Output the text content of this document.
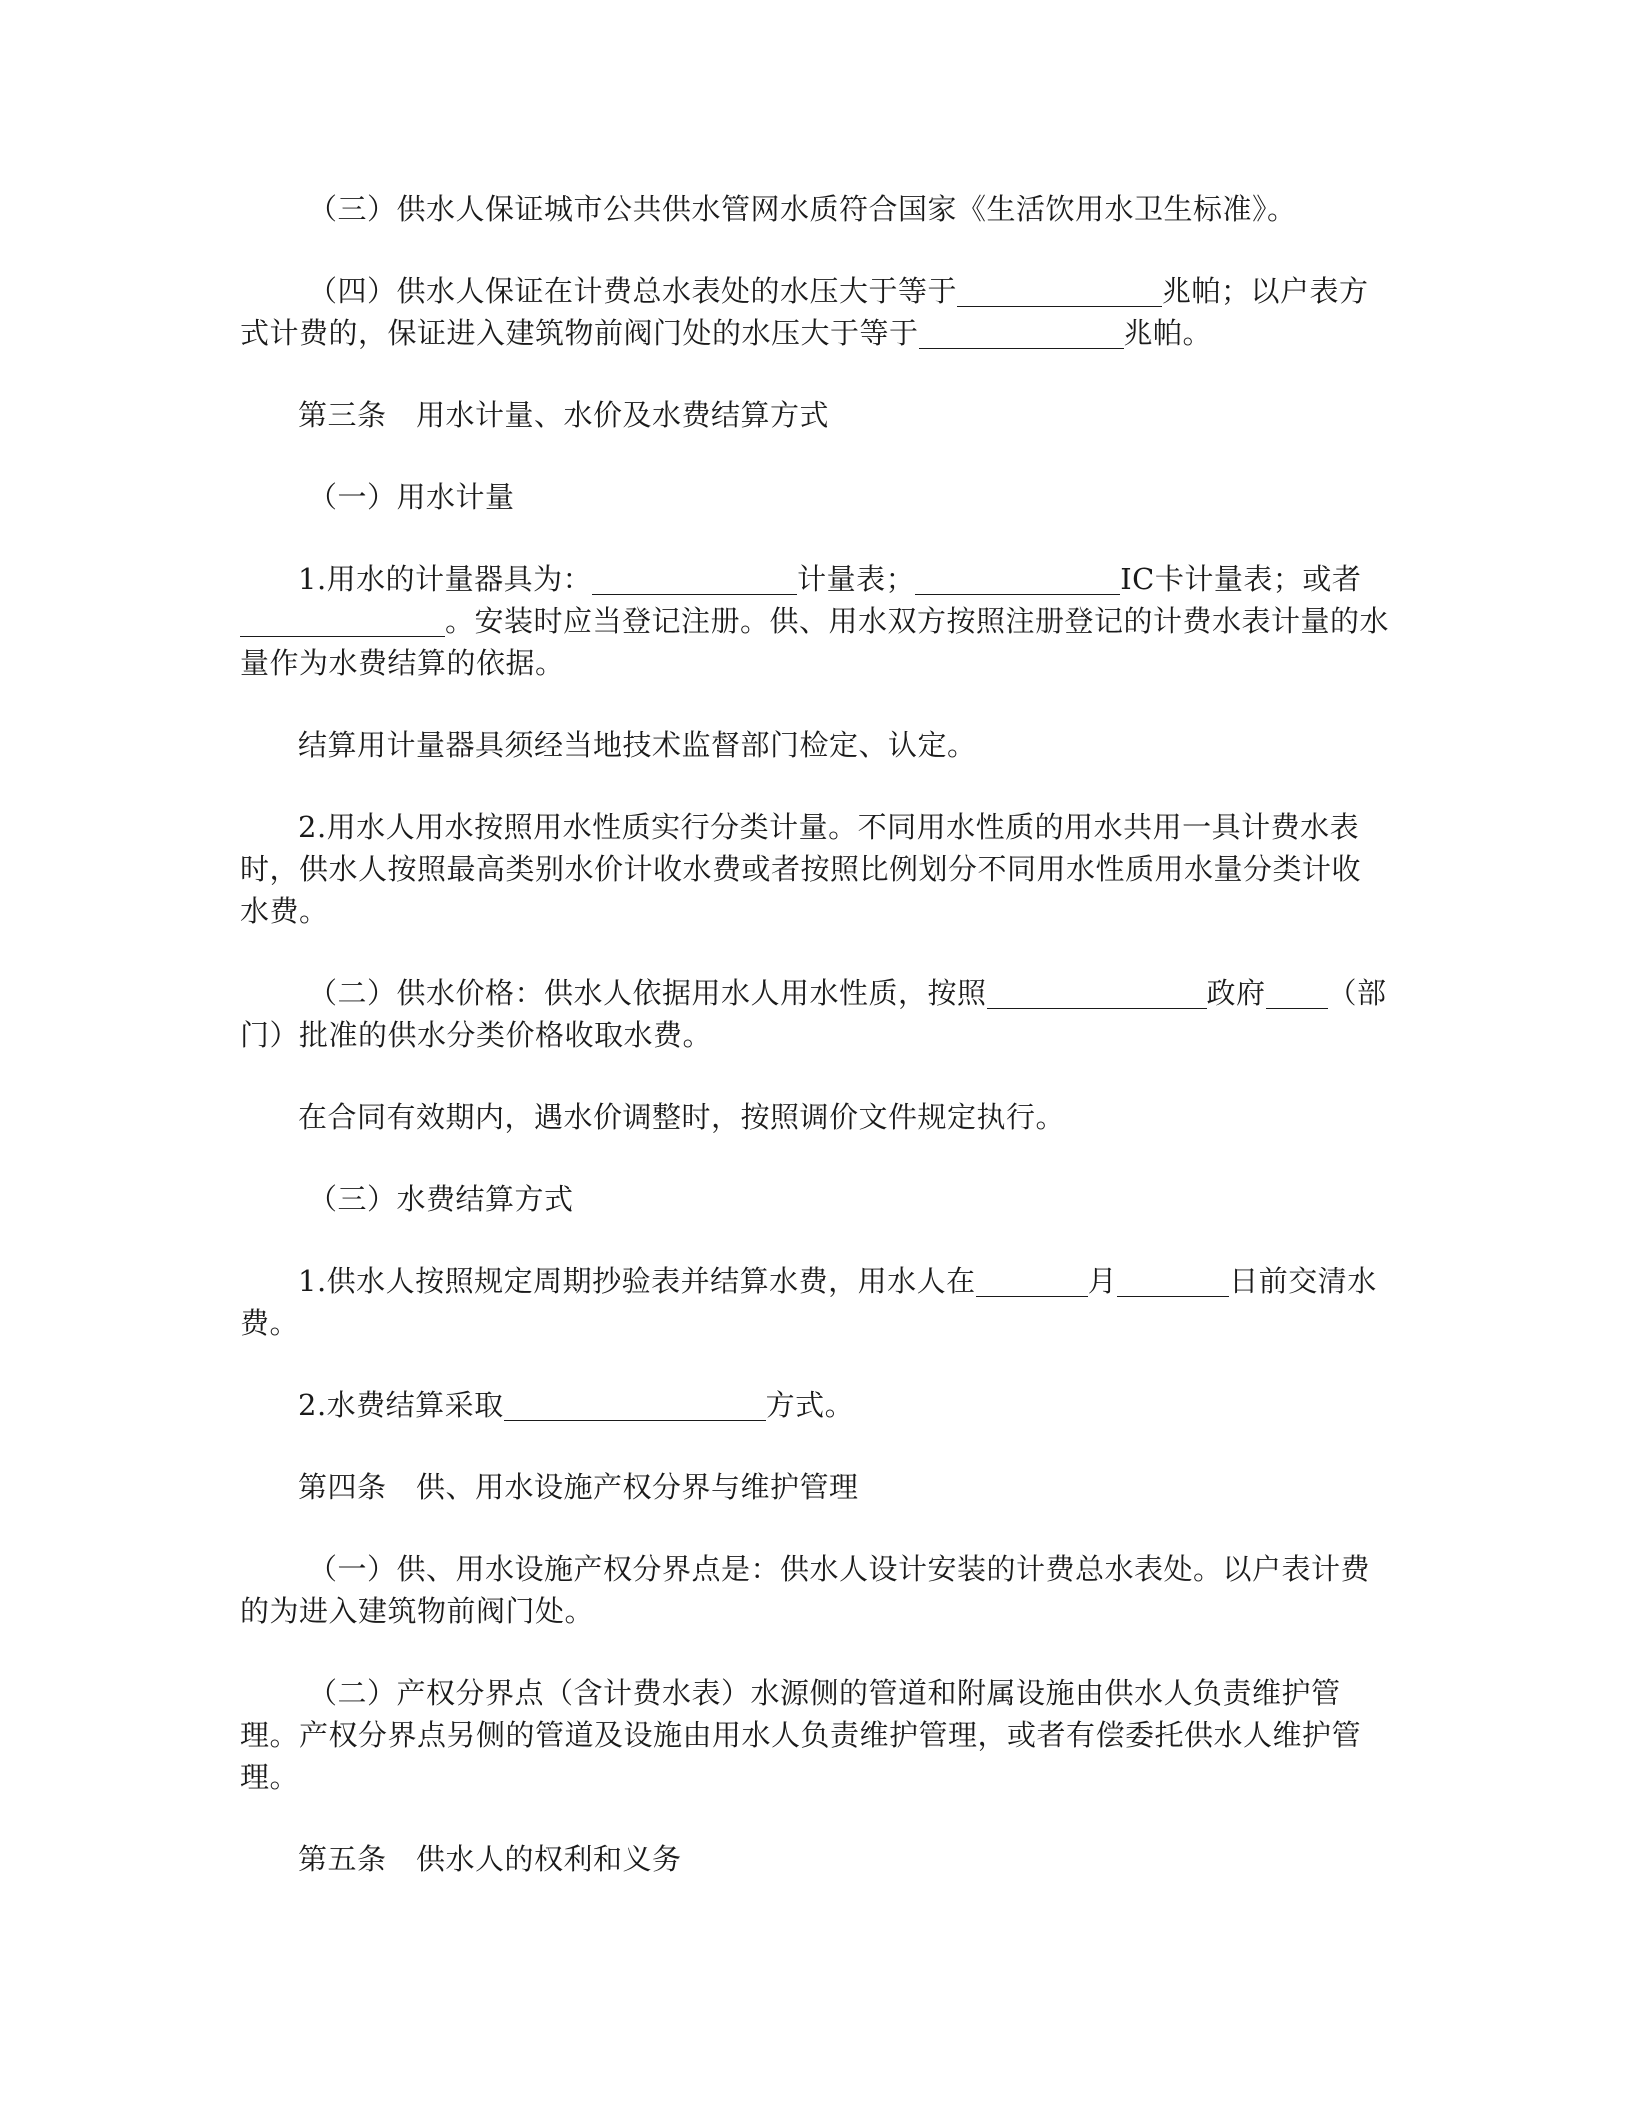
（三）供水人保证城市公共供水管网水质符合国家《生活饮用水卫生标准》。

（四）供水人保证在计费总水表处的水压大于等于	兆帕；以户表方式计费的，保证进入建筑物前阀门处的水压大于等于	兆帕。

第三条　用水计量、水价及水费结算方式

（一）用水计量

1.用水的计量器具为：	计量表；	IC卡计量表；或者。安装时应当登记注册。供、用水双方按照注册登记的计费水表计量的水量作为水费结算的依据。

结算用计量器具须经当地技术监督部门检定、认定。

2.用水人用水按照用水性质实行分类计量。不同用水性质的用水共用一具计费水表时，供水人按照最高类别水价计收水费或者按照比例划分不同用水性质用水量分类计收水费。

（二）供水价格：供水人依据用水人用水性质，按照	政府 （部门）批准的供水分类价格收取水费。

在合同有效期内，遇水价调整时，按照调价文件规定执行。

（三）水费结算方式

1.供水人按照规定周期抄验表并结算水费，用水人在	月	日前交清水费。

2.水费结算采取	方式。

第四条　供、用水设施产权分界与维护管理

（一）供、用水设施产权分界点是：供水人设计安装的计费总水表处。以户表计费的为进入建筑物前阀门处。

（二）产权分界点（含计费水表）水源侧的管道和附属设施由供水人负责维护管理。产权分界点另侧的管道及设施由用水人负责维护管理，或者有偿委托供水人维护管理。

第五条　供水人的权利和义务
